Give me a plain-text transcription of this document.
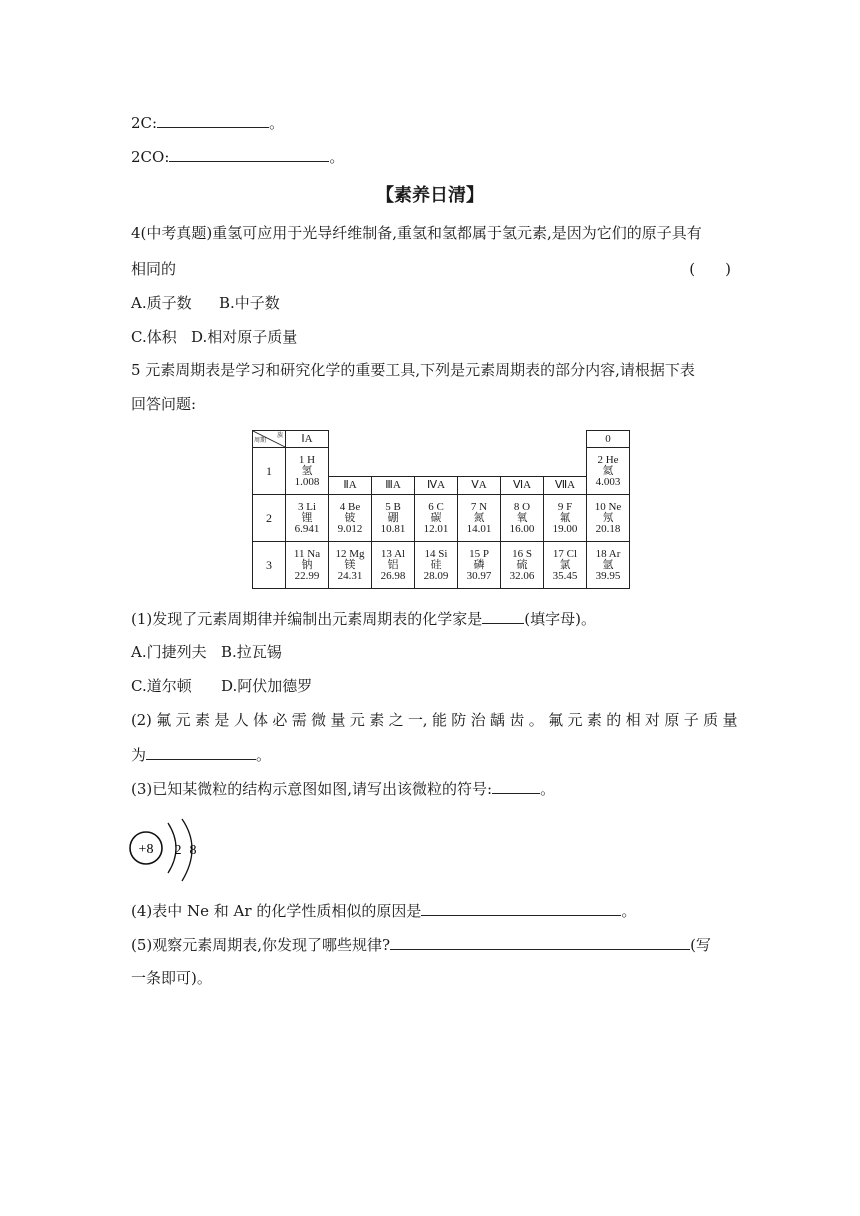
2C:	。
2CO:	。
【素养日清】
4(中考真题)重氢可应用于光导纤维制备,重氢和氢都属于氢元素,是因为它们的原子具有
相同的	(　　)
A.质子数 B.中子数
C.体积 D.相对原子质量
5 元素周期表是学习和研究化学的重要工具,下列是元素周期表的部分内容,请根据下表
回答问题:
族
周期	ⅠA							0
1	1 H
氢
1.008							2 He
氦
4.003

		ⅡA	ⅢA	ⅣA	ⅤA	ⅥA	ⅦA	
2	3 Li
锂
6.941	4 Be
铍
9.012	5 B
硼
10.81	6 C
碳
12.01	7 N
氮
14.01	8 O
氧
16.00	9 F
氟
19.00	10 Ne
氖
20.18

3	11 Na
钠
22.99	12 Mg
镁
24.31	13 Al
铝
26.98	14 Si
硅
28.09	15 P
磷
30.97	16 S
硫
32.06	17 Cl
氯
35.45	18 Ar
氩
39.95
(1)发现了元素周期律并编制出元素周期表的化学家是	(填字母)。
A.门捷列夫 B.拉瓦锡
C.道尔顿 D.阿伏加德罗
(2) 氟 元 素 是 人 体 必 需 微 量 元 素 之 一, 能 防 治 龋 齿 。 氟 元 素 的 相 对 原 子 质 量
为	。
(3)已知某微粒的结构示意图如图,请写出该微粒的符号:	。
+8 2 8
(4)表中 Ne 和 Ar 的化学性质相似的原因是	。
(5)观察元素周期表,你发现了哪些规律?	(写
一条即可)。
